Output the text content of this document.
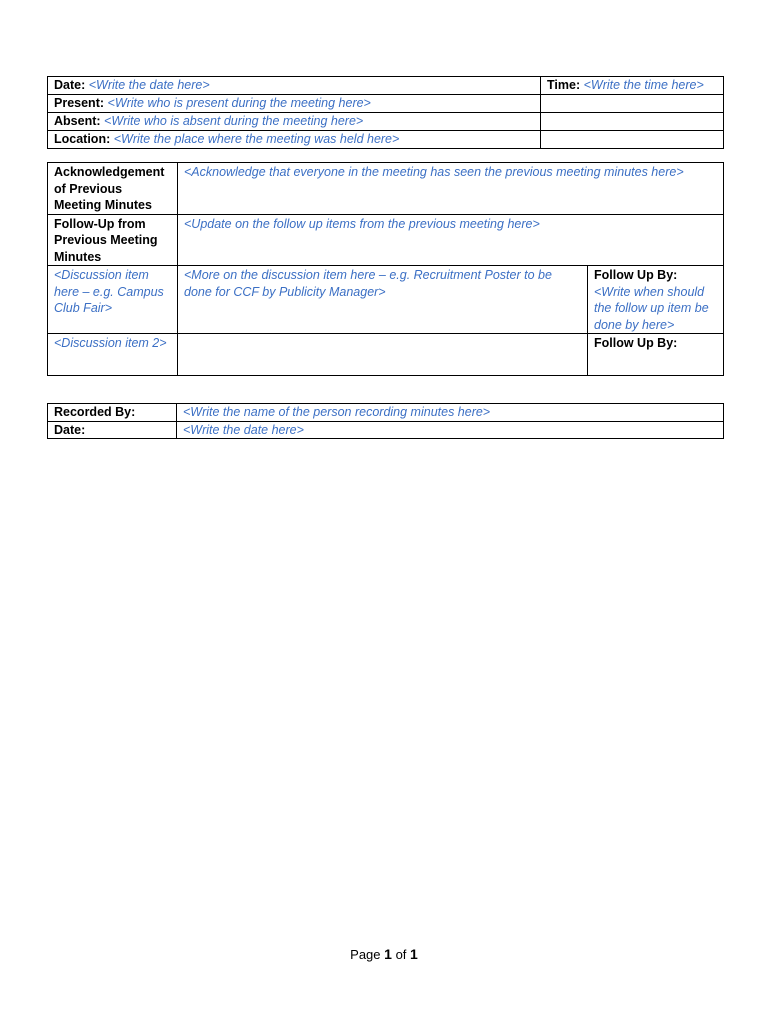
Date: <Write the date here>	Time: <Write the time here>
Present: <Write who is present during the meeting here>	
Absent: <Write who is absent during the meeting here>	
Location: <Write the place where the meeting was held here>	
Acknowledgement of Previous Meeting Minutes	<Acknowledge that everyone in the meeting has seen the previous meeting minutes here>	
Follow-Up from Previous Meeting Minutes	<Update on the follow up items from the previous meeting here>	
<Discussion item here – e.g. Campus Club Fair>	<More on the discussion item here – e.g. Recruitment Poster to be done for CCF by Publicity Manager>	Follow Up By:
<Write when should the follow up item be done by here>

<Discussion item 2>		Follow Up By:
Recorded By:	<Write the name of the person recording minutes here>
Date:	<Write the date here>
Page 1 of 1
